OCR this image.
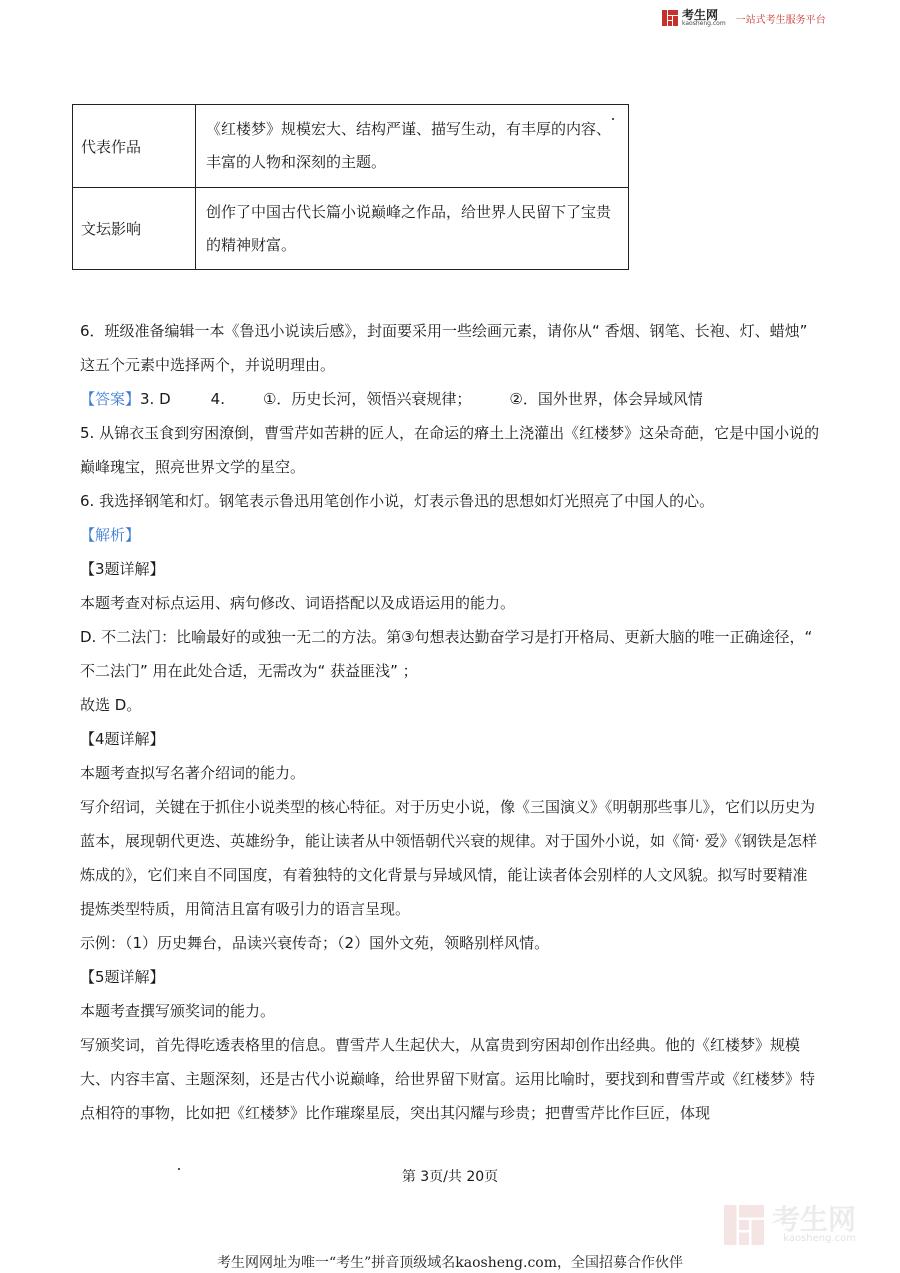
考生网
kaosheng.com 一站式考生服务平台
代表作品	《红楼梦》规模宏大、结构严谨、描写生动，有丰厚的内容、丰富的人物和深刻的主题。
文坛影响	创作了中国古代长篇小说巅峰之作品，给世界人民留下了宝贵的精神财富。

6．班级准备编辑一本《鲁迅小说读后感》，封面要采用一些绘画元素，请你从“ 香烟、钢笔、长袍、灯、蜡烛” 这五个元素中选择两个，并说明理由。

【答案】3. D	4.	①．历史长河，领悟兴衰规律；	②．国外世界，体会异域风情

5. 从锦衣玉食到穷困潦倒，曹雪芹如苦耕的匠人，在命运的瘠土上浇灌出《红楼梦》这朵奇葩，它是中国小说的巅峰瑰宝，照亮世界文学的星空。

6. 我选择钢笔和灯。钢笔表示鲁迅用笔创作小说，灯表示鲁迅的思想如灯光照亮了中国人的心。

【解析】

【3题详解】

本题考查对标点运用、病句修改、词语搭配以及成语运用的能力。

D. 不二法门：比喻最好的或独一无二的方法。第③句想表达勤奋学习是打开格局、更新大脑的唯一正确途径，“ 不二法门” 用在此处合适，无需改为“ 获益匪浅” ；

故选 D。

【4题详解】

本题考查拟写名著介绍词的能力。

写介绍词，关键在于抓住小说类型的核心特征。对于历史小说，像《三国演义》《明朝那些事儿》，它们以历史为蓝本，展现朝代更迭、英雄纷争，能让读者从中领悟朝代兴衰的规律。对于国外小说，如《简· 爱》《钢铁是怎样炼成的》，它们来自不同国度，有着独特的文化背景与异域风情，能让读者体会别样的人文风貌。拟写时要精准提炼类型特质，用简洁且富有吸引力的语言呈现。

示例：（1）历史舞台，品读兴衰传奇；（2）国外文苑，领略别样风情。

【5题详解】

本题考查撰写颁奖词的能力。

写颁奖词，首先得吃透表格里的信息。曹雪芹人生起伏大，从富贵到穷困却创作出经典。他的《红楼梦》规模大、内容丰富、主题深刻，还是古代小说巅峰，给世界留下财富。运用比喻时，要找到和曹雪芹或《红楼梦》特点相符的事物，比如把《红楼梦》比作璀璨星辰，突出其闪耀与珍贵；把曹雪芹比作巨匠，体现

第 3页/共 20页
考生网
kaosheng.com
考生网网址为唯一“考生”拼音顶级域名kaosheng.com，全国招募合作伙伴
